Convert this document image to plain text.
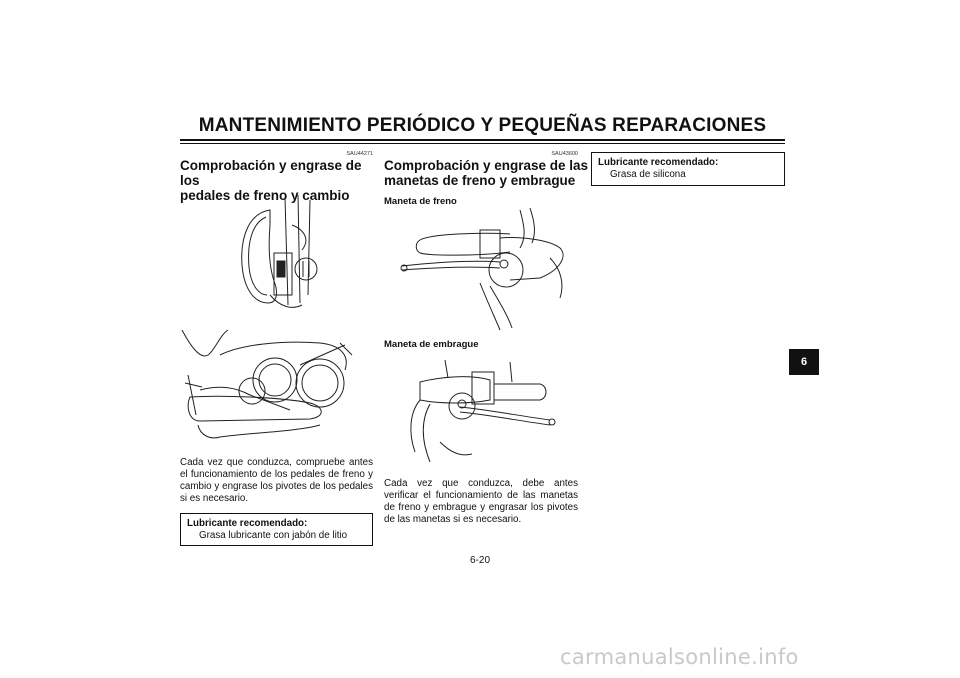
MANTENIMIENTO PERIÓDICO Y PEQUEÑAS REPARACIONES
SAU44271
Comprobación y engrase de los
pedales de freno y cambio
Cada vez que conduzca, compruebe antes el funcionamiento de los pedales de freno y cambio y engrase los pivotes de los pedales si es necesario.
Lubricante recomendado:
Grasa lubricante con jabón de litio
SAU43600
Comprobación y engrase de las
manetas de freno y embrague
Maneta de freno
Maneta de embrague
Cada vez que conduzca, debe antes verificar el funcionamiento de las manetas de freno y embrague y engrasar los pivotes de las manetas si es necesario.
Lubricante recomendado:
Grasa de silicona
6
6-20
carmanualsonline.info
